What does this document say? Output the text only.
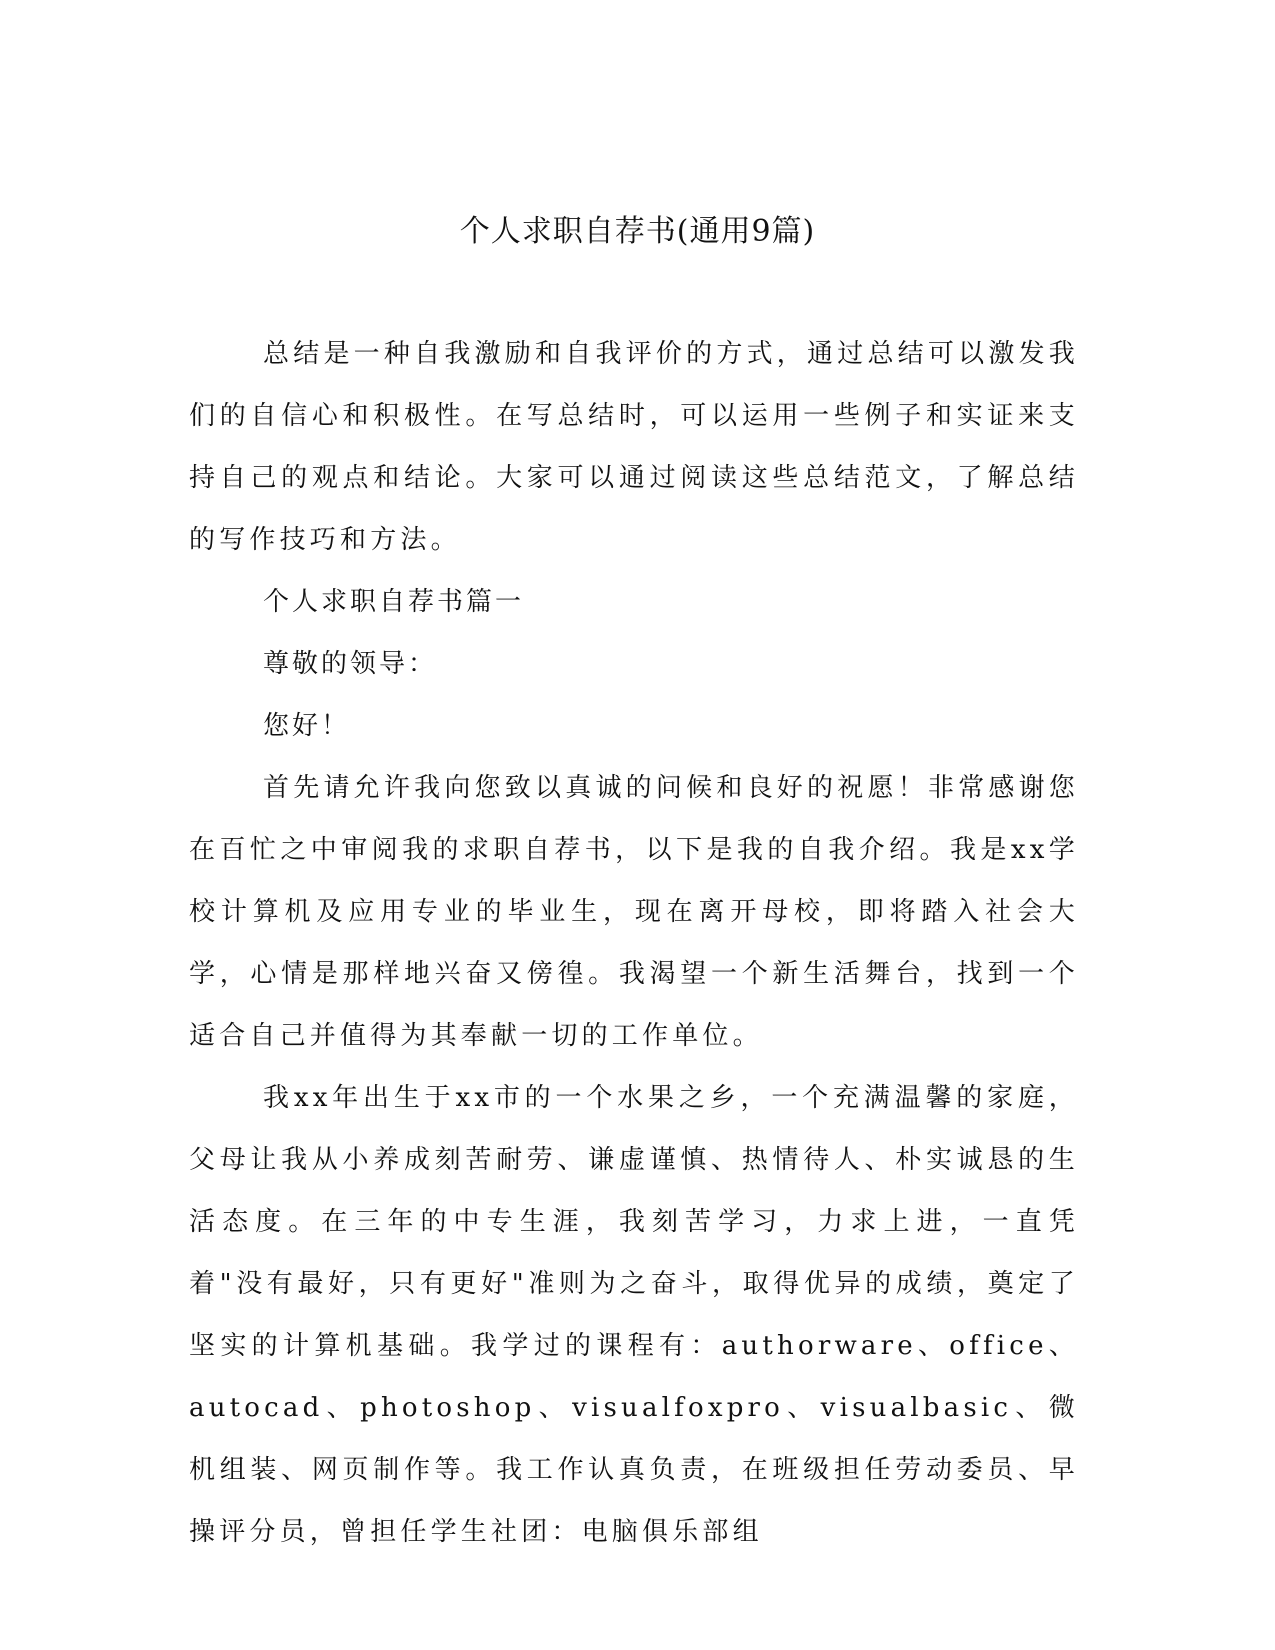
个人求职自荐书(通用9篇)

总结是一种自我激励和自我评价的方式，通过总结可以激发我们的自信心和积极性。在写总结时，可以运用一些例子和实证来支持自己的观点和结论。大家可以通过阅读这些总结范文，了解总结的写作技巧和方法。

个人求职自荐书篇一

尊敬的领导：

您好！

首先请允许我向您致以真诚的问候和良好的祝愿！非常感谢您在百忙之中审阅我的求职自荐书，以下是我的自我介绍。我是xx学校计算机及应用专业的毕业生，现在离开母校，即将踏入社会大学，心情是那样地兴奋又傍徨。我渴望一个新生活舞台，找到一个适合自己并值得为其奉献一切的工作单位。

我xx年出生于xx市的一个水果之乡，一个充满温馨的家庭，父母让我从小养成刻苦耐劳、谦虚谨慎、热情待人、朴实诚恳的生活态度。在三年的中专生涯，我刻苦学习，力求上进，一直凭着"没有最好，只有更好"准则为之奋斗，取得优异的成绩，奠定了坚实的计算机基础。我学过的课程有：authorware、office、autocad、photoshop、visualfoxpro、visualbasic、微机组装、网页制作等。我工作认真负责，在班级担任劳动委员、早操评分员，曾担任学生社团：电脑俱乐部组
